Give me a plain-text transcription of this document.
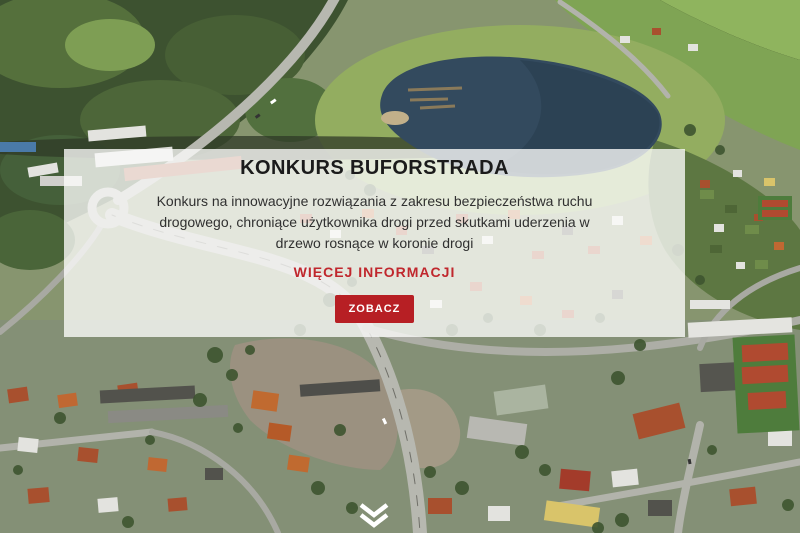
KONKURS BUFORSTRADA

Konkurs na innowacyjne rozwiązania z zakresu bezpieczeństwa ruchu drogowego, chroniące użytkownika drogi przed skutkami uderzenia w drzewo rosnące w koronie drogi

WIĘCEJ INFORMACJI
ZOBACZ
